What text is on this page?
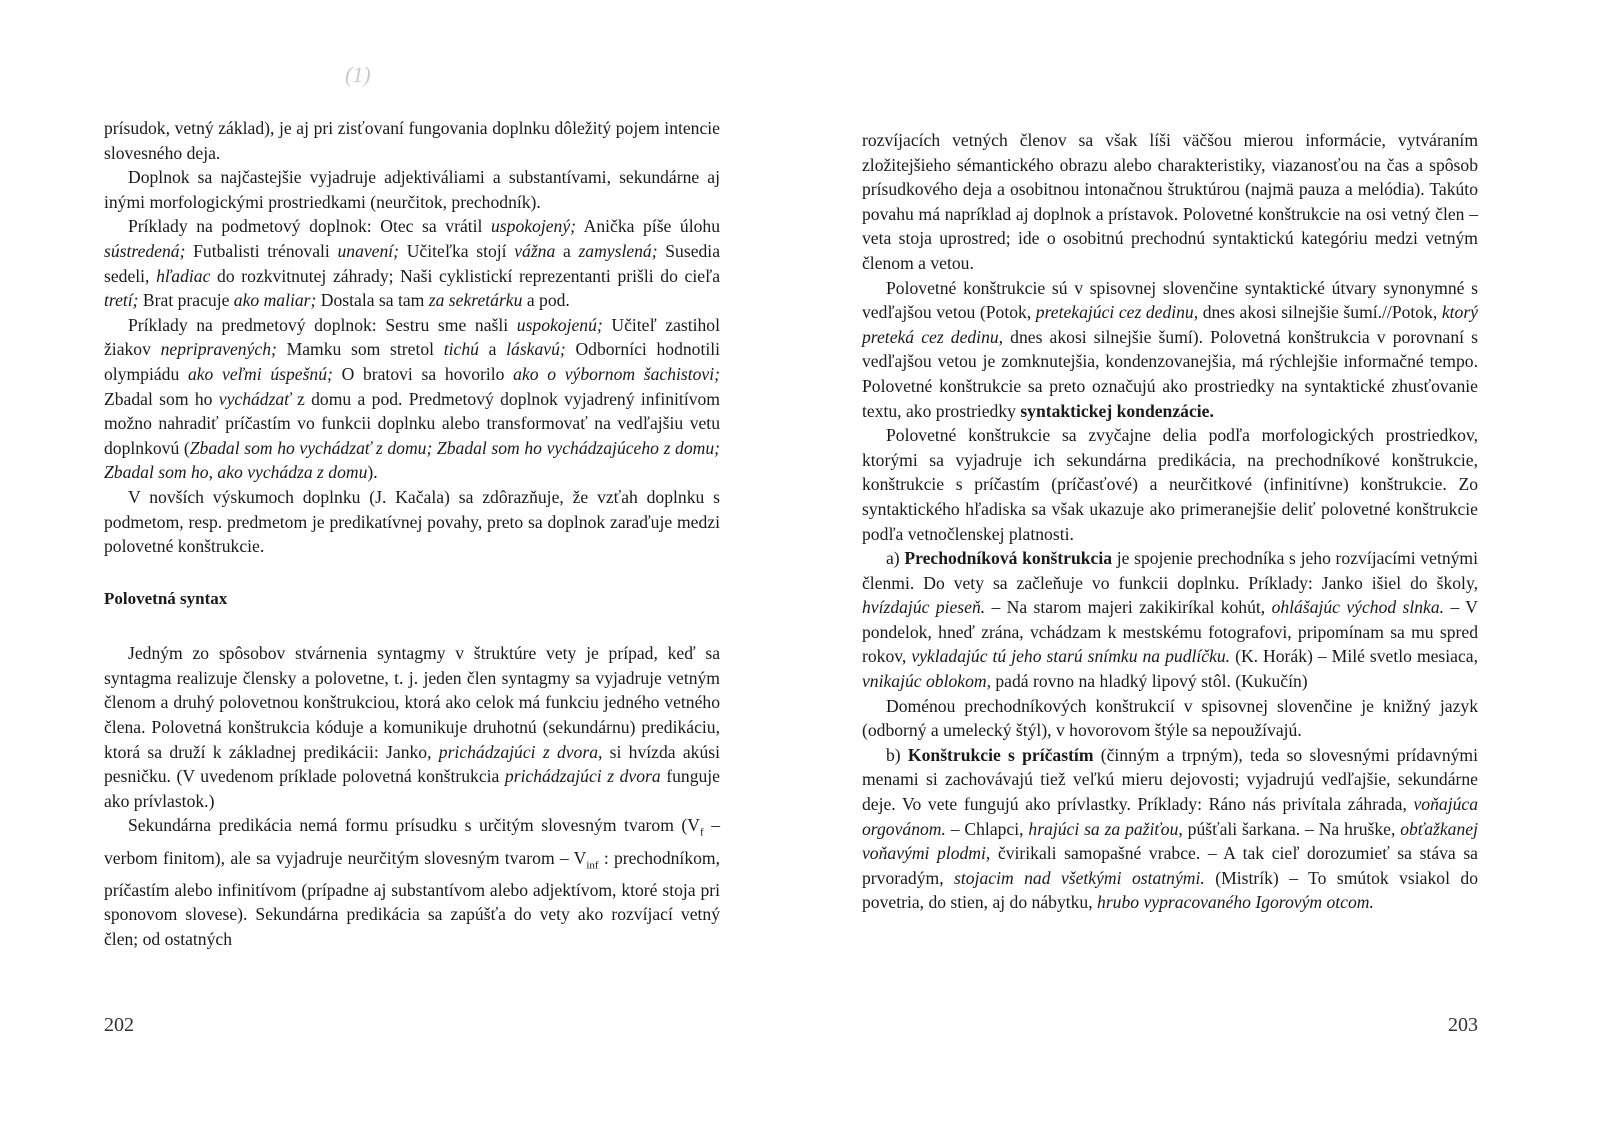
(1)

prísudok, vetný základ), je aj pri zisťovaní fungovania doplnku dôležitý pojem intencie slovesného deja.

Doplnok sa najčastejšie vyjadruje adjektiváliami a substantívami, sekundárne aj inými morfologickými prostriedkami (neurčitok, prechodník).

Príklady na podmetový doplnok: Otec sa vrátil uspokojený; Anička píše úlohu sústredená; Futbalisti trénovali unavení; Učiteľka stojí vážna a zamyslená; Susedia sedeli, hľadiac do rozkvitnutej záhrady; Naši cyklistickí reprezentanti prišli do cieľa tretí; Brat pracuje ako maliar; Dostala sa tam za sekretárku a pod.

Príklady na predmetový doplnok: Sestru sme našli uspokojenú; Učiteľ zastihol žiakov nepripravených; Mamku som stretol tichú a láskavú; Odborníci hodnotili olympiádu ako veľmi úspešnú; O bratovi sa hovorilo ako o výbornom šachistovi; Zbadal som ho vychádzať z domu a pod. Predmetový doplnok vyjadrený infinitívom možno nahradiť príčastím vo funkcii doplnku alebo transformovať na vedľajšiu vetu doplnkovú (Zbadal som ho vychádzať z domu; Zbadal som ho vychádzajúceho z domu; Zbadal som ho, ako vychádza z domu).

V novších výskumoch doplnku (J. Kačala) sa zdôrazňuje, že vzťah doplnku s podmetom, resp. predmetom je predikatívnej povahy, preto sa doplnok zaraďuje medzi polovetné konštrukcie.

Polovetná syntax

Jedným zo spôsobov stvárnenia syntagmy v štruktúre vety je prípad, keď sa syntagma realizuje člensky a polovetne, t. j. jeden člen syntagmy sa vyjadruje vetným členom a druhý polovetnou konštrukciou, ktorá ako celok má funkciu jedného vetného člena. Polovetná konštrukcia kóduje a komunikuje druhotnú (sekundárnu) predikáciu, ktorá sa druží k základnej predikácii: Janko, prichádzajúci z dvora, si hvízda akúsi pesničku. (V uvedenom príklade polovetná konštrukcia prichádzajúci z dvora funguje ako prívlastok.)

Sekundárna predikácia nemá formu prísudku s určitým slovesným tvarom ($V_f$ – verbom finitom), ale sa vyjadruje neurčitým slovesným tvarom – $V_{inf}$ : prechodníkom, príčastím alebo infinitívom (prípadne aj substantívom alebo adjektívom, ktoré stoja pri sponovom slovese). Sekundárna predikácia sa zapúšťa do vety ako rozvíjací vetný člen; od ostatných

202

rozvíjacích vetných členov sa však líši väčšou mierou informácie, vytváraním zložitejšieho sémantického obrazu alebo charakteristiky, viazanosťou na čas a spôsob prísudkového deja a osobitnou intonačnou štruktúrou (najmä pauza a melódia). Takúto povahu má napríklad aj doplnok a prístavok. Polovetné konštrukcie na osi vetný člen – veta stoja uprostred; ide o osobitnú prechodnú syntaktickú kategóriu medzi vetným členom a vetou.

Polovetné konštrukcie sú v spisovnej slovenčine syntaktické útvary synonymné s vedľajšou vetou (Potok, pretekajúci cez dedinu, dnes akosi silnejšie šumí.//Potok, ktorý preteká cez dedinu, dnes akosi silnejšie šumí). Polovetná konštrukcia v porovnaní s vedľajšou vetou je zomknutejšia, kondenzovanejšia, má rýchlejšie informačné tempo. Polovetné konštrukcie sa preto označujú ako prostriedky na syntaktické zhusťovanie textu, ako prostriedky syntaktickej kondenzácie.

Polovetné konštrukcie sa zvyčajne delia podľa morfologických prostriedkov, ktorými sa vyjadruje ich sekundárna predikácia, na prechodníkové konštrukcie, konštrukcie s príčastím (príčasťové) a neurčitkové (infinitívne) konštrukcie. Zo syntaktického hľadiska sa však ukazuje ako primeranejšie deliť polovetné konštrukcie podľa vetnočlenskej platnosti.

a) Prechodníková konštrukcia je spojenie prechodníka s jeho rozvíjacími vetnými členmi. Do vety sa začleňuje vo funkcii doplnku. Príklady: Janko išiel do školy, hvízdajúc pieseň. – Na starom majeri zakikiríkal kohút, ohlášajúc východ slnka. – V pondelok, hneď zrána, vchádzam k mestskému fotografovi, pripomínam sa mu spred rokov, vykladajúc tú jeho starú snímku na pudlíčku. (K. Horák) – Milé svetlo mesiaca, vnikajúc oblokom, padá rovno na hladký lipový stôl. (Kukučín)

Doménou prechodníkových konštrukcií v spisovnej slovenčine je knižný jazyk (odborný a umelecký štýl), v hovorovom štýle sa nepoužívajú.

b) Konštrukcie s príčastím (činným a trpným), teda so slovesnými prídavnými menami si zachovávajú tiež veľkú mieru dejovosti; vyjadrujú vedľajšie, sekundárne deje. Vo vete fungujú ako prívlastky. Príklady: Ráno nás privítala záhrada, voňajúca orgovánom. – Chlapci, hrajúci sa za pažiťou, púšťali šarkana. – Na hruške, obťažkanej voňavými plodmi, čvirikali samopašné vrabce. – A tak cieľ dorozumieť sa stáva sa prvoradým, stojacim nad všetkými ostatnými. (Mistrík) – To smútok vsiakol do povetria, do stien, aj do nábytku, hrubo vypracovaného Igorovým otcom.

203
